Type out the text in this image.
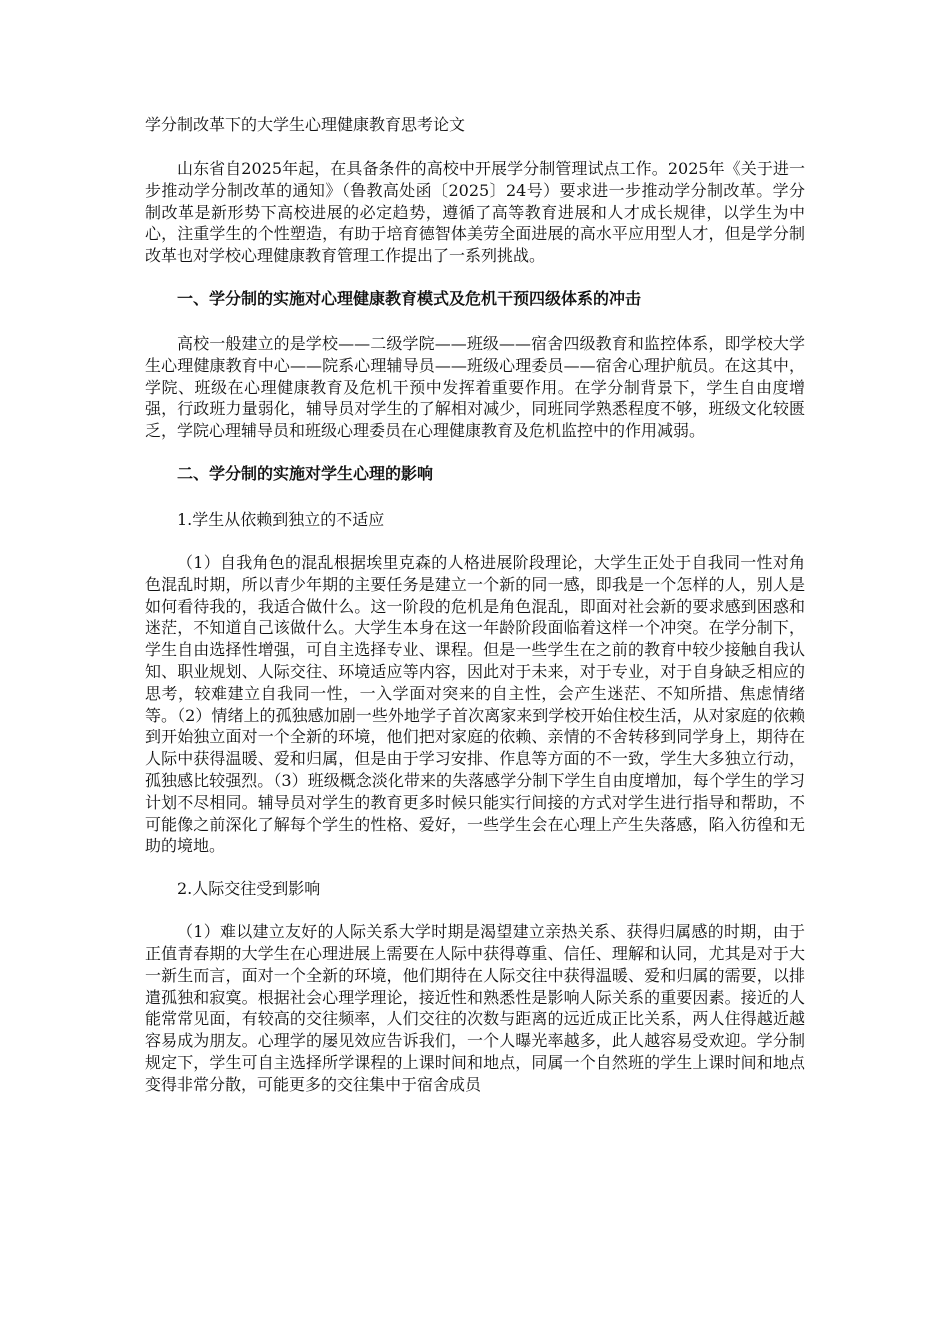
学分制改革下的大学生心理健康教育思考论文

山东省自2025年起，在具备条件的高校中开展学分制管理试点工作。2025年《关于进一步推动学分制改革的通知》（鲁教高处函〔2025〕24号）要求进一步推动学分制改革。学分制改革是新形势下高校进展的必定趋势，遵循了高等教育进展和人才成长规律，以学生为中心，注重学生的个性塑造，有助于培育德智体美劳全面进展的高水平应用型人才，但是学分制改革也对学校心理健康教育管理工作提出了一系列挑战。

一、学分制的实施对心理健康教育模式及危机干预四级体系的冲击

高校一般建立的是学校——二级学院——班级——宿舍四级教育和监控体系，即学校大学生心理健康教育中心——院系心理辅导员——班级心理委员——宿舍心理护航员。在这其中，学院、班级在心理健康教育及危机干预中发挥着重要作用。在学分制背景下，学生自由度增强，行政班力量弱化，辅导员对学生的了解相对减少，同班同学熟悉程度不够，班级文化较匮乏，学院心理辅导员和班级心理委员在心理健康教育及危机监控中的作用减弱。

二、学分制的实施对学生心理的影响

1.学生从依赖到独立的不适应

（1）自我角色的混乱根据埃里克森的人格进展阶段理论，大学生正处于自我同一性对角色混乱时期，所以青少年期的主要任务是建立一个新的同一感，即我是一个怎样的人，别人是如何看待我的，我适合做什么。这一阶段的危机是角色混乱，即面对社会新的要求感到困惑和迷茫，不知道自己该做什么。大学生本身在这一年龄阶段面临着这样一个冲突。在学分制下，学生自由选择性增强，可自主选择专业、课程。但是一些学生在之前的教育中较少接触自我认知、职业规划、人际交往、环境适应等内容，因此对于未来，对于专业，对于自身缺乏相应的思考，较难建立自我同一性，一入学面对突来的自主性，会产生迷茫、不知所措、焦虑情绪等。（2）情绪上的孤独感加剧一些外地学子首次离家来到学校开始住校生活，从对家庭的依赖到开始独立面对一个全新的环境，他们把对家庭的依赖、亲情的不舍转移到同学身上，期待在人际中获得温暖、爱和归属，但是由于学习安排、作息等方面的不一致，学生大多独立行动，孤独感比较强烈。（3）班级概念淡化带来的失落感学分制下学生自由度增加，每个学生的学习计划不尽相同。辅导员对学生的教育更多时候只能实行间接的方式对学生进行指导和帮助，不可能像之前深化了解每个学生的性格、爱好，一些学生会在心理上产生失落感，陷入彷徨和无助的境地。

2.人际交往受到影响

（1）难以建立友好的人际关系大学时期是渴望建立亲热关系、获得归属感的时期，由于正值青春期的大学生在心理进展上需要在人际中获得尊重、信任、理解和认同，尤其是对于大一新生而言，面对一个全新的环境，他们期待在人际交往中获得温暖、爱和归属的需要，以排遣孤独和寂寞。根据社会心理学理论，接近性和熟悉性是影响人际关系的重要因素。接近的人能常常见面，有较高的交往频率，人们交往的次数与距离的远近成正比关系，两人住得越近越容易成为朋友。心理学的屡见效应告诉我们，一个人曝光率越多，此人越容易受欢迎。学分制规定下，学生可自主选择所学课程的上课时间和地点，同属一个自然班的学生上课时间和地点变得非常分散，可能更多的交往集中于宿舍成员
